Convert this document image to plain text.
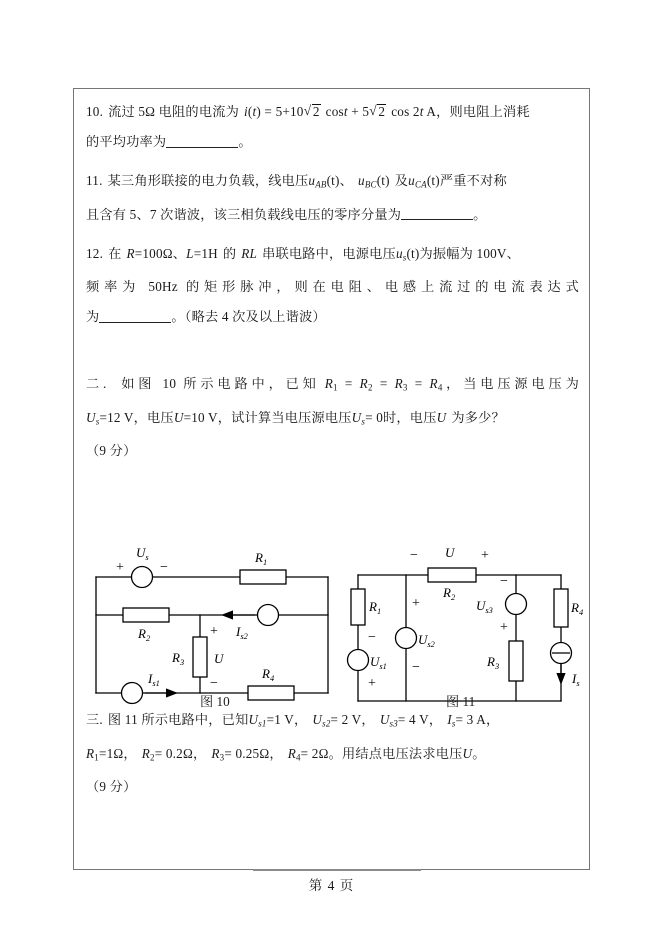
10. 流过 5Ω 电阻的电流为 i(t) = 5+10 √ 2 cost + 5 √ 2 cos 2t A，则电阻上消耗
的平均功率为	。

11. 某三角形联接的电力负载，线电压$u_{AB}(t)$、 $u_{BC}(t)$ 及$u_{CA}(t)$严重不对称
且含有 5、7 次谐波，该三相负载线电压的零序分量为	。

12. 在 R=100Ω、L=1H 的 RL 串联电路中，电源电压$u_s(t)$为振幅为 100V、
频率为 50Hz 的矩形脉冲，则在电阻、电感上流过的电流表达式
为	。（略去 4 次及以上谐波）

二. 如图 10 所示电路中，已知 $R_1 = R_2 = R_3 = R_4$，当电压源电压为
$U_s=12$ V，电压U=10 V，试计算当电压源电压$U_s= 0$时，电压U 为多少？
（9 分）

$U_s$
+	−
$R_1$
$R_2$	$I_{s2}$
$R_3$
+
U
−
$I_{s1}$
$R_4$
图 10
U
−	+
$R_2$
$R_1$
−
$U_{s1}$
+
+
$U_{s2}$
−
−
$U_{s3}$
+
$R_3$
$R_4$
$I_s$
图 11

三. 图 11 所示电路中，已知$U_{s1}=1$ V， $U_{s2}= 2$ V， $U_{s3}= 4$ V， $I_s= 3$ A，
$R_1=1\Omega$， $R_2= 0.2\Omega$， $R_3= 0.25\Omega$， $R_4= 2\Omega$。用结点电压法求电压U。
（9 分）

第 4 页
